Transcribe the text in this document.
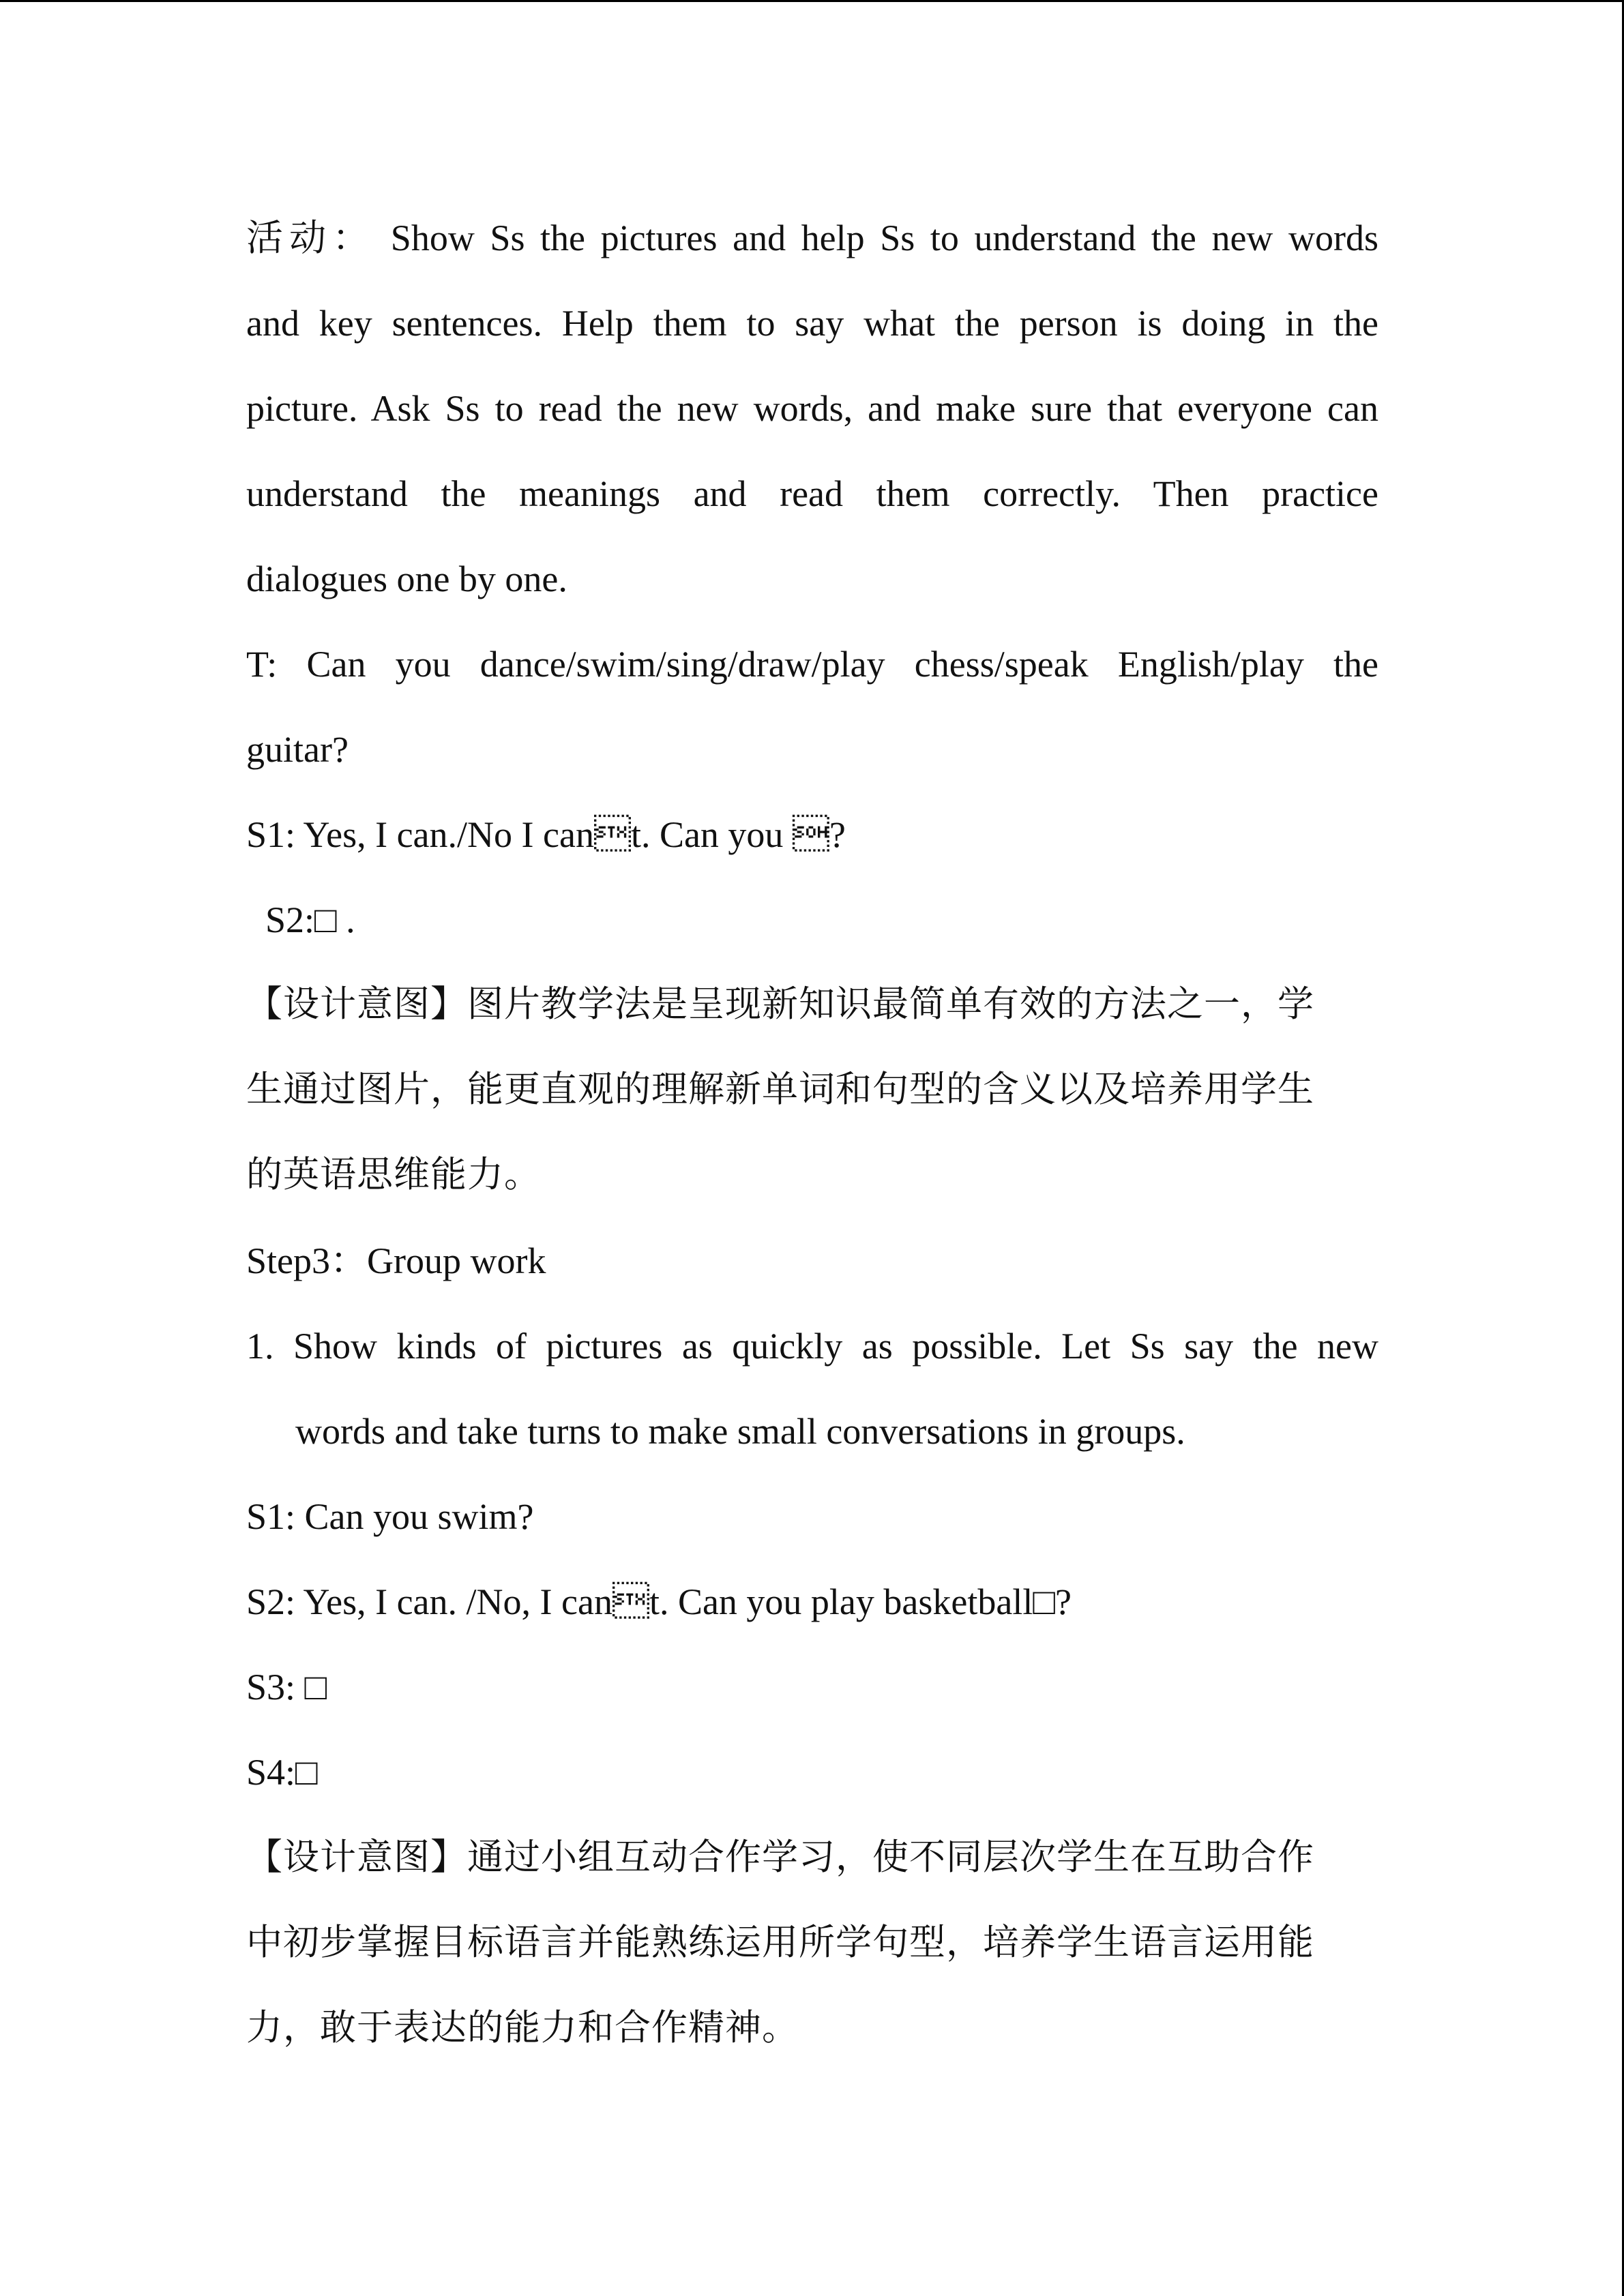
活动： Show Ss the pictures and help Ss to understand the new words
and key sentences. Help them to say what the person is doing in the
picture. Ask Ss to read the new words, and make sure that everyone can
understand the meanings and read them correctly. Then practice
dialogues one by one.
T: Can you dance/swim/sing/draw/play chess/speak English/play the
guitar?
S1: Yes, I can./No I cant. Can you ?
S2:□ .
【设计意图】图片教学法是呈现新知识最简单有效的方法之一，学
生通过图片，能更直观的理解新单词和句型的含义以及培养用学生
的英语思维能力。
Step3：Group work
1. Show kinds of pictures as quickly as possible. Let Ss say the new
words and take turns to make small conversations in groups.
S1: Can you swim?
S2: Yes, I can. /No, I cant. Can you play basketball□?
S3: □
S4:□
【设计意图】通过小组互动合作学习，使不同层次学生在互助合作
中初步掌握目标语言并能熟练运用所学句型，培养学生语言运用能
力，敢于表达的能力和合作精神。
